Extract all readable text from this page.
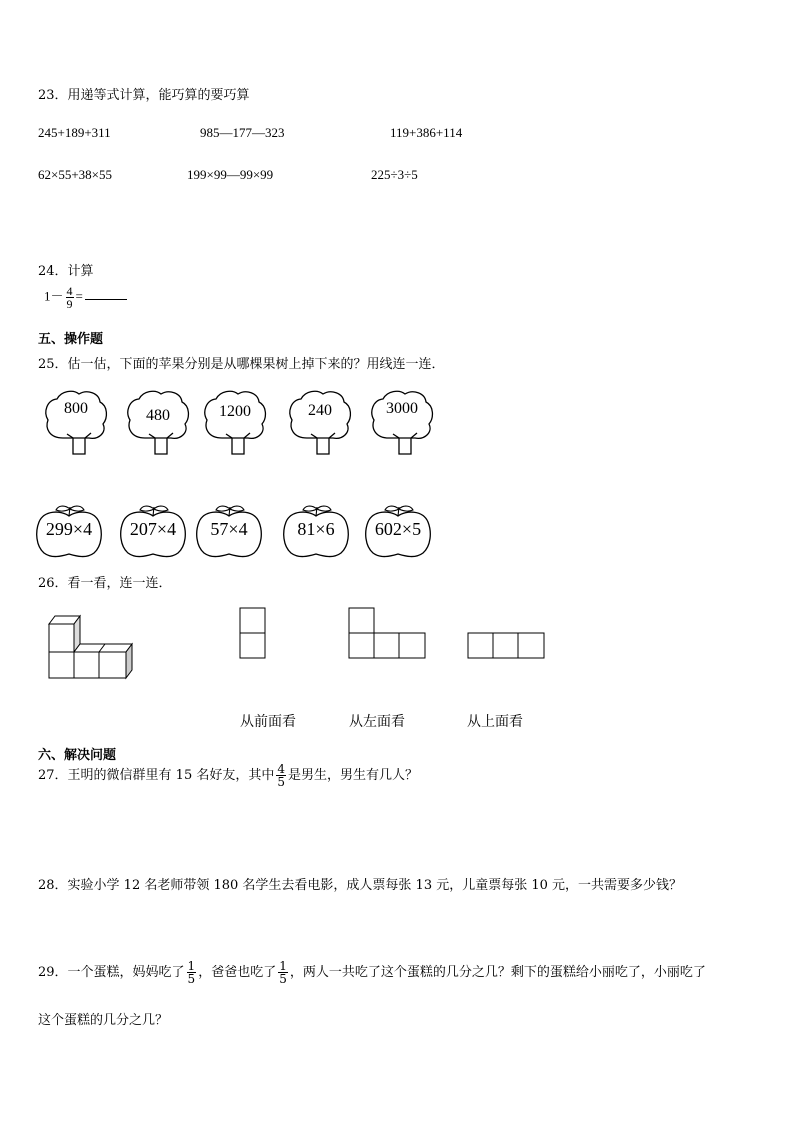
23．用递等式计算，能巧算的要巧算
245+189+311	985—177—323	119+386+114
62×55+38×55	199×99—99×99	225÷3÷5
24．计算
$1- \frac{4}{9}$ =
五、操作题
25．估一估，下面的苹果分别是从哪棵果树上掉下来的？用线连一连．
800	480	1200	240	3000
299×4	207×4	57×4	81×6	602×5
26．看一看，连一连．
从前面看	从左面看	从上面看
六、解决问题
27．王明的微信群里有 15 名好友，其中 $\frac{4}{5}$ 是男生，男生有几人？
28．实验小学 12 名老师带领 180 名学生去看电影，成人票每张 13 元，儿童票每张 10 元，一共需要多少钱？
29．一个蛋糕，妈妈吃了 $\frac{1}{5}$ ，爸爸也吃了 $\frac{1}{5}$ ，两人一共吃了这个蛋糕的几分之几？剩下的蛋糕给小丽吃了，小丽吃了
这个蛋糕的几分之几？
